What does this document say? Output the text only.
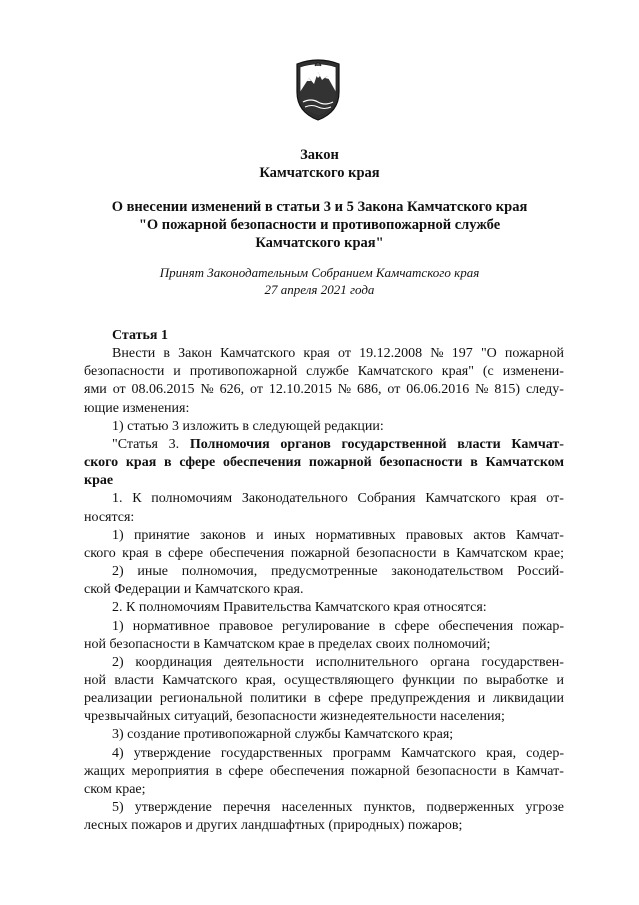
Закон
Камчатского края
О внесении изменений в статьи 3 и 5 Закона Камчатского края
"О пожарной безопасности и противопожарной службе
Камчатского края"
Принят Законодательным Собранием Камчатского края
27 апреля 2021 года
Статья 1
Внести в Закон Камчатского края от 19.12.2008 № 197 "О пожарной
безопасности и противопожарной службе Камчатского края" (с изменени-
ями от 08.06.2015 № 626, от 12.10.2015 № 686, от 06.06.2016 № 815) следу-
ющие изменения:
1) статью 3 изложить в следующей редакции:
"Статья 3. Полномочия органов государственной власти Камчат-
ского края в сфере обеспечения пожарной безопасности в Камчатском
крае
1. К полномочиям Законодательного Собрания Камчатского края от-
носятся:
1) принятие законов и иных нормативных правовых актов Камчат-
ского края в сфере обеспечения пожарной безопасности в Камчатском крае;
2) иные полномочия, предусмотренные законодательством Россий-
ской Федерации и Камчатского края.
2. К полномочиям Правительства Камчатского края относятся:
1) нормативное правовое регулирование в сфере обеспечения пожар-
ной безопасности в Камчатском крае в пределах своих полномочий;
2) координация деятельности исполнительного органа государствен-
ной власти Камчатского края, осуществляющего функции по выработке и
реализации региональной политики в сфере предупреждения и ликвидации
чрезвычайных ситуаций, безопасности жизнедеятельности населения;
3) создание противопожарной службы Камчатского края;
4) утверждение государственных программ Камчатского края, содер-
жащих мероприятия в сфере обеспечения пожарной безопасности в Камчат-
ском крае;
5) утверждение перечня населенных пунктов, подверженных угрозе
лесных пожаров и других ландшафтных (природных) пожаров;
